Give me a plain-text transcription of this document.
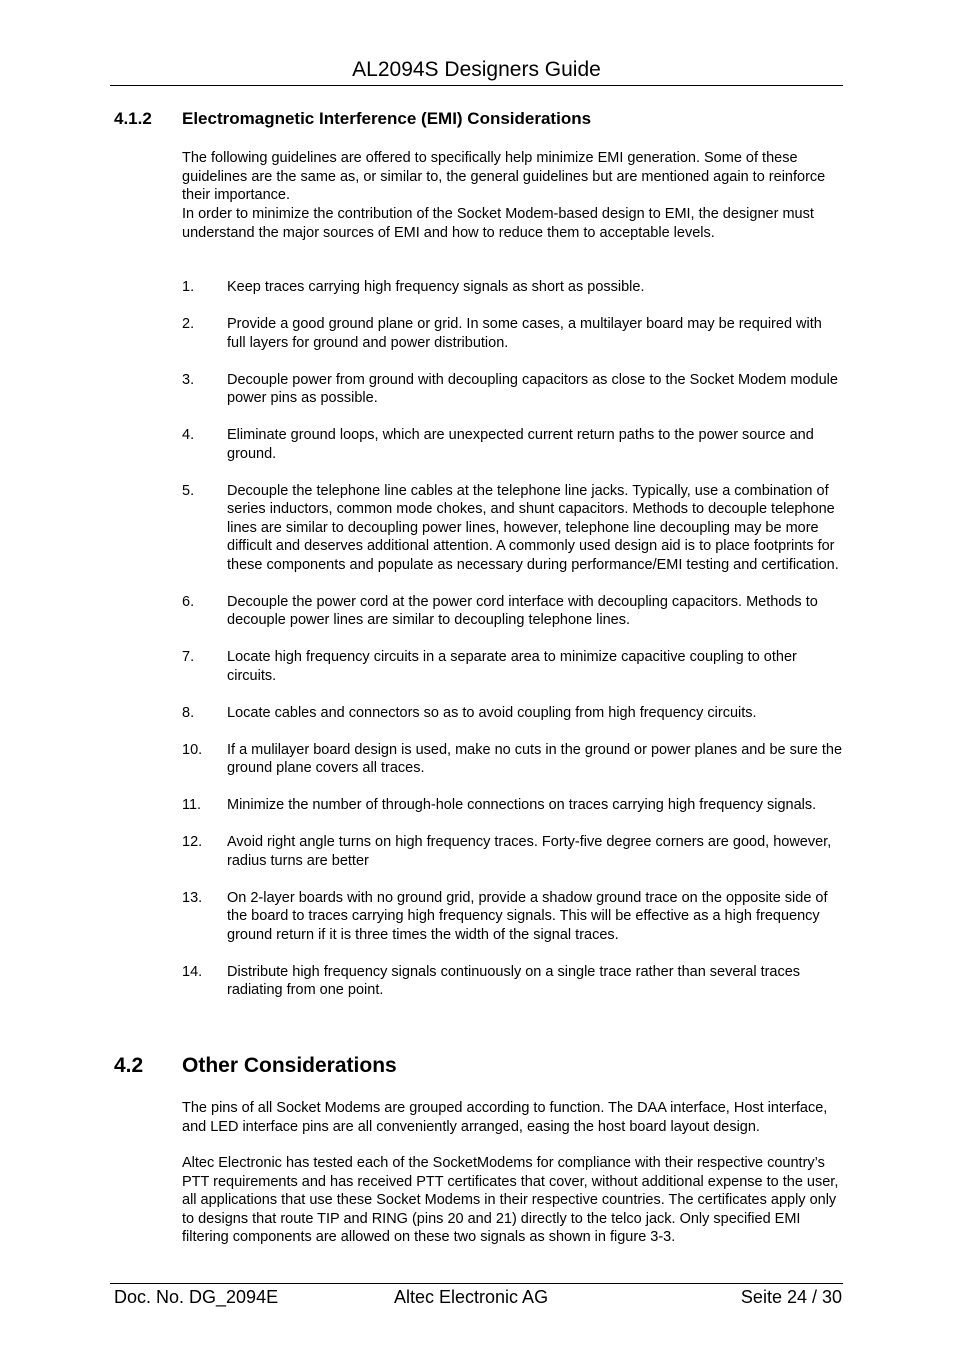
AL2094S Designers Guide
4.1.2 Electromagnetic Interference (EMI) Considerations
The following guidelines are offered to specifically help minimize EMI generation. Some of these guidelines are the same as, or similar to, the general guidelines but are mentioned again to reinforce their importance.
In order to minimize the contribution of the Socket Modem-based design to EMI, the designer must understand the major sources of EMI and how to reduce them to acceptable levels.
1. Keep traces carrying high frequency signals as short as possible.
2. Provide a good ground plane or grid. In some cases, a multilayer board may be required with full layers for ground and power distribution.
3. Decouple power from ground with decoupling capacitors as close to the Socket Modem module power pins as possible.
4. Eliminate ground loops, which are unexpected current return paths to the power source and ground.
5. Decouple the telephone line cables at the telephone line jacks. Typically, use a combination of series inductors, common mode chokes, and shunt capacitors. Methods to decouple telephone lines are similar to decoupling power lines, however, telephone line decoupling may be more difficult and deserves additional attention. A commonly used design aid is to place footprints for these components and populate as necessary during performance/EMI testing and certification.
6. Decouple the power cord at the power cord interface with decoupling capacitors. Methods to decouple power lines are similar to decoupling telephone lines.
7. Locate high frequency circuits in a separate area to minimize capacitive coupling to other circuits.
8. Locate cables and connectors so as to avoid coupling from high frequency circuits.
10. If a mulilayer board design is used, make no cuts in the ground or power planes and be sure the ground plane covers all traces.
11. Minimize the number of through-hole connections on traces carrying high frequency signals.
12. Avoid right angle turns on high frequency traces. Forty-five degree corners are good, however, radius turns are better
13. On 2-layer boards with no ground grid, provide a shadow ground trace on the opposite side of the board to traces carrying high frequency signals. This will be effective as a high frequency ground return if it is three times the width of the signal traces.
14. Distribute high frequency signals continuously on a single trace rather than several traces radiating from one point.
4.2 Other Considerations
The pins of all Socket Modems are grouped according to function. The DAA interface, Host interface, and LED interface pins are all conveniently arranged, easing the host board layout design.
Altec Electronic has tested each of the SocketModems for compliance with their respective country’s PTT requirements and has received PTT certificates that cover, without additional expense to the user, all applications that use these Socket Modems in their respective countries. The certificates apply only to designs that route TIP and RING (pins 20 and 21) directly to the telco jack. Only specified EMI filtering components are allowed on these two signals as shown in figure 3-3.
Doc. No. DG_2094E	Altec Electronic AG	Seite 24 / 30
